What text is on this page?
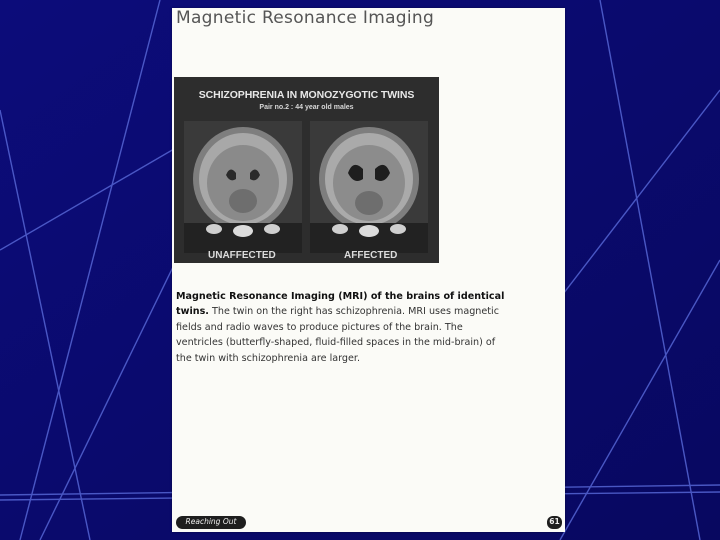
Magnetic Resonance Imaging
SCHIZOPHRENIA IN MONOZYGOTIC TWINS
Pair no.2 : 44 year old males
UNAFFECTED	AFFECTED
Magnetic Resonance Imaging (MRI) of the brains of identical twins. The twin on the right has schizophrenia. MRI uses magnetic fields and radio waves to produce pictures of the brain. The ventricles (butterfly-shaped, fluid-filled spaces in the mid-brain) of the twin with schizophrenia are larger.
Reaching Out	61
